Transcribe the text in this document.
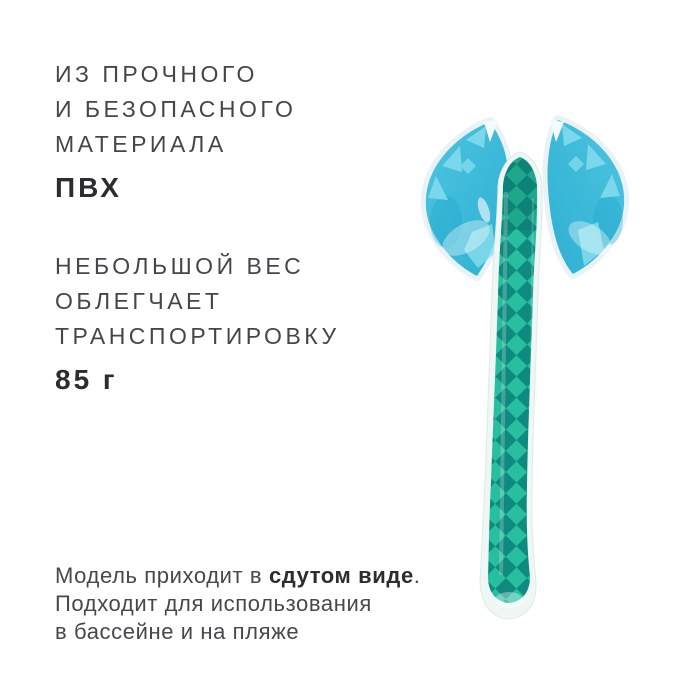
ИЗ ПРОЧНОГО
И БЕЗОПАСНОГО
МАТЕРИАЛА
ПВХ
НЕБОЛЬШОЙ ВЕС
ОБЛЕГЧАЕТ
ТРАНСПОРТИРОВКУ
85 г
Модель приходит в сдутом виде.
Подходит для использования
в бассейне и на пляже
